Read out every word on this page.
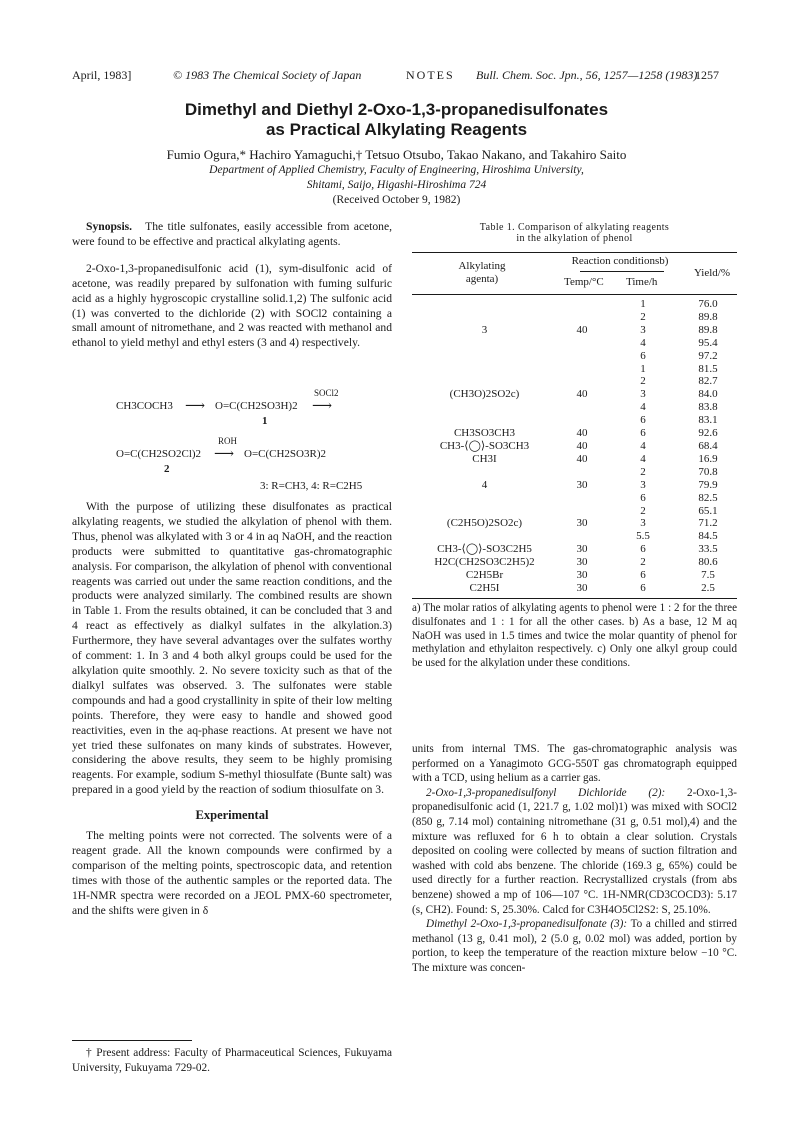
April, 1983]	© 1983 The Chemical Society of Japan	NOTES Bull. Chem. Soc. Jpn., 56, 1257—1258 (1983)
1257
Dimethyl and Diethyl 2-Oxo-1,3-propanedisulfonates
as Practical Alkylating Reagents
Fumio Ogura,* Hachiro Yamaguchi,† Tetsuo Otsubo, Takao Nakano, and Takahiro Saito
Department of Applied Chemistry, Faculty of Engineering, Hiroshima University,
Shitami, Saijo, Higashi-Hiroshima 724
(Received October 9, 1982)

Synopsis. The title sulfonates, easily accessible from acetone, were found to be effective and practical alkylating agents.

2-Oxo-1,3-propanedisulfonic acid (1), sym-disulfonic acid of acetone, was readily prepared by sulfonation with fuming sulfuric acid as a highly hygroscopic crystalline solid.1,2) The sulfonic acid (1) was converted to the dichloride (2) with SOCl2 containing a small amount of nitromethane, and 2 was reacted with methanol and ethanol to yield methyl and ethyl esters (3 and 4) respectively.

CH3COCH3 ⟶ O=C(CH2SO3H)2
SOCl2
⟶
1
O=C(CH2SO2Cl)2
ROH
⟶ O=C(CH2SO3R)2
2
3: R=CH3, 4: R=C2H5

With the purpose of utilizing these disulfonates as practical alkylating reagents, we studied the alkylation of phenol with them. Thus, phenol was alkylated with 3 or 4 in aq NaOH, and the reaction products were submitted to quantitative gas-chromatographic analysis. For comparison, the alkylation of phenol with conventional reagents was carried out under the same reaction conditions, and the products were analyzed similarly. The combined results are shown in Table 1. From the results obtained, it can be concluded that 3 and 4 react as effectively as dialkyl sulfates in the alkylation.3) Furthermore, they have several advantages over the sulfates worthy of comment: 1. In 3 and 4 both alkyl groups could be used for the alkylation quite smoothly. 2. No severe toxicity such as that of the dialkyl sulfates was observed. 3. The sulfonates were stable compounds and had a good crystallinity in spite of their low melting points. Therefore, they were easy to handle and showed good reactivities, even in the aq-phase reactions. At present we have not yet tried these sulfonates on many kinds of substrates. However, considering the above results, they seem to be highly promising reagents. For example, sodium S-methyl thiosulfate (Bunte salt) was prepared in a good yield by the reaction of sodium thiosulfate on 3.

Experimental

The melting points were not corrected. The solvents were of a reagent grade. All the known compounds were confirmed by a comparison of the melting points, spectroscopic data, and retention times with those of the authentic samples or the reported data. The 1H-NMR spectra were recorded on a JEOL PMX-60 spectrometer, and the shifts were given in δ

† Present address: Faculty of Pharmaceutical Sciences, Fukuyama University, Fukuyama 729-02.
Table 1. Comparison of alkylating reagents
in the alkylation of phenol
Alkylating
agenta)
Reaction conditionsb)
Temp/°C Time/h
Yield/%
		1	76.0
		2	89.8
3	40	3	89.8
		4	95.4
		6	97.2
		1	81.5
		2	82.7
(CH3O)2SO2c)	40	3	84.0
		4	83.8
		6	83.1
CH3SO3CH3	40	6	92.6
CH3-⟨◯⟩-SO3CH3	40	4	68.4
CH3I	40	4	16.9
		2	70.8
4	30	3	79.9
		6	82.5
		2	65.1
(C2H5O)2SO2c)	30	3	71.2
		5.5	84.5
CH3-⟨◯⟩-SO3C2H5	30	6	33.5
H2C(CH2SO3C2H5)2	30	2	80.6
C2H5Br	30	6	7.5
C2H5I	30	6	2.5
a) The molar ratios of alkylating agents to phenol were 1 : 2 for the three disulfonates and 1 : 1 for all the other cases. b) As a base, 12 M aq NaOH was used in 1.5 times and twice the molar quantity of phenol for methylation and ethylaiton respectively. c) Only one alkyl group could be used for the alkylation under these conditions.

units from internal TMS. The gas-chromatographic analysis was performed on a Yanagimoto GCG-550T gas chromatograph equipped with a TCD, using helium as a carrier gas.

2-Oxo-1,3-propanedisulfonyl Dichloride (2): 2-Oxo-1,3-propanedisulfonic acid (1, 221.7 g, 1.02 mol)1) was mixed with SOCl2 (850 g, 7.14 mol) containing nitromethane (31 g, 0.51 mol),4) and the mixture was refluxed for 6 h to obtain a clear solution. Crystals deposited on cooling were collected by means of suction filtration and washed with cold abs benzene. The chloride (169.3 g, 65%) could be used directly for a further reaction. Recrystallized crystals (from abs benzene) showed a mp of 106—107 °C. 1H-NMR(CD3COCD3): 5.17 (s, CH2). Found: S, 25.30%. Calcd for C3H4O5Cl2S2: S, 25.10%.

Dimethyl 2-Oxo-1,3-propanedisulfonate (3): To a chilled and stirred methanol (13 g, 0.41 mol), 2 (5.0 g, 0.02 mol) was added, portion by portion, to keep the temperature of the reaction mixture below −10 °C. The mixture was concen-
